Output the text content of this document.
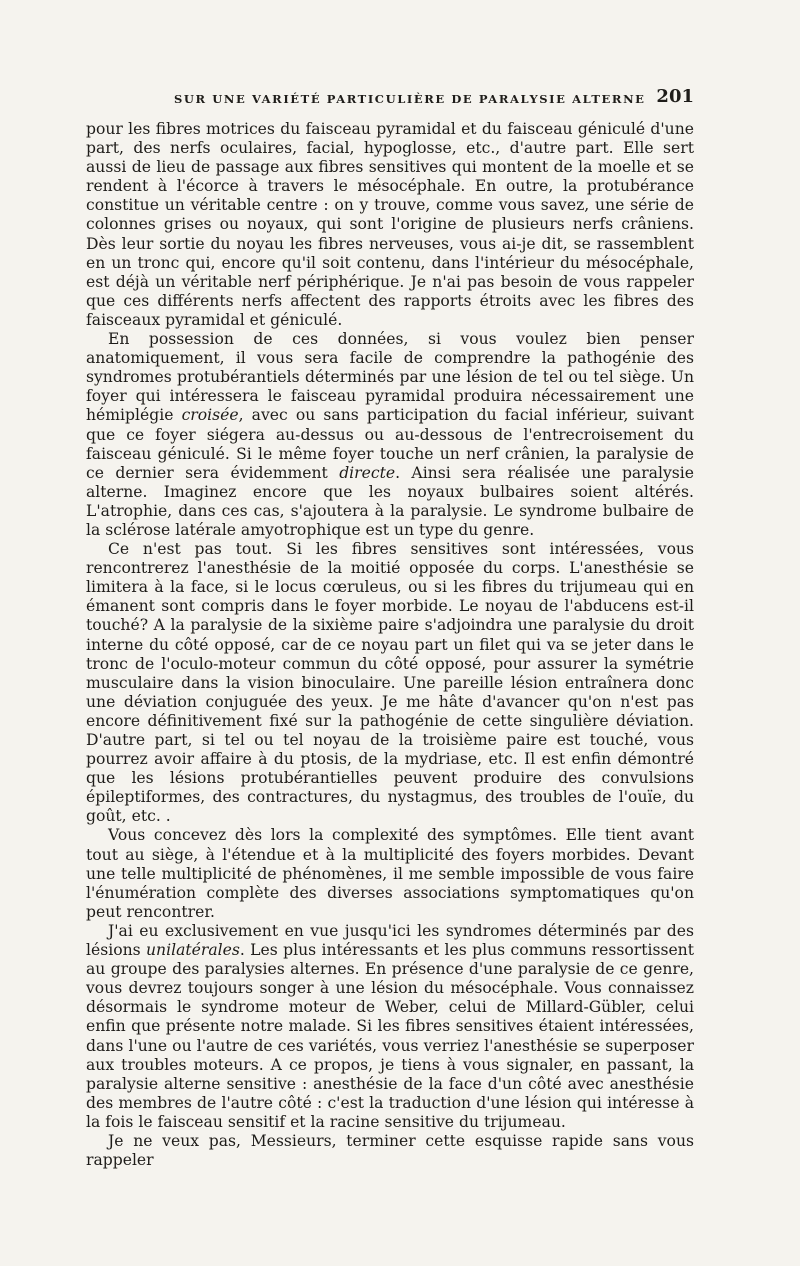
SUR UNE VARIÉTÉ PARTICULIÈRE DE PARALYSIE ALTERNE 201

pour les fibres motrices du faisceau pyramidal et du faisceau géniculé d'une part, des nerfs oculaires, facial, hypoglosse, etc., d'autre part. Elle sert aussi de lieu de passage aux fibres sensitives qui montent de la moelle et se rendent à l'écorce à travers le mésocéphale. En outre, la protubérance constitue un véritable centre : on y trouve, comme vous savez, une série de colonnes grises ou noyaux, qui sont l'origine de plusieurs nerfs crâniens. Dès leur sortie du noyau les fibres nerveuses, vous ai-je dit, se rassemblent en un tronc qui, encore qu'il soit contenu, dans l'intérieur du mésocéphale, est déjà un véritable nerf périphérique. Je n'ai pas besoin de vous rappeler que ces différents nerfs affectent des rapports étroits avec les fibres des faisceaux pyramidal et géniculé.

En possession de ces données, si vous voulez bien penser anatomiquement, il vous sera facile de comprendre la pathogénie des syndromes protubérantiels déterminés par une lésion de tel ou tel siège. Un foyer qui intéressera le faisceau pyramidal produira nécessairement une hémiplégie croisée, avec ou sans participation du facial inférieur, suivant que ce foyer siégera au-dessus ou au-dessous de l'entrecroisement du faisceau géniculé. Si le même foyer touche un nerf crânien, la paralysie de ce dernier sera évidemment directe. Ainsi sera réalisée une paralysie alterne. Imaginez encore que les noyaux bulbaires soient altérés. L'atrophie, dans ces cas, s'ajoutera à la paralysie. Le syndrome bulbaire de la sclérose latérale amyotrophique est un type du genre.

Ce n'est pas tout. Si les fibres sensitives sont intéressées, vous rencontrerez l'anesthésie de la moitié opposée du corps. L'anesthésie se limitera à la face, si le locus cœruleus, ou si les fibres du trijumeau qui en émanent sont compris dans le foyer morbide. Le noyau de l'abducens est-il touché? A la paralysie de la sixième paire s'adjoindra une paralysie du droit interne du côté opposé, car de ce noyau part un filet qui va se jeter dans le tronc de l'oculo-moteur commun du côté opposé, pour assurer la symétrie musculaire dans la vision binoculaire. Une pareille lésion entraînera donc une déviation conjuguée des yeux. Je me hâte d'avancer qu'on n'est pas encore définitivement fixé sur la pathogénie de cette singulière déviation. D'autre part, si tel ou tel noyau de la troisième paire est touché, vous pourrez avoir affaire à du ptosis, de la mydriase, etc. Il est enfin démontré que les lésions protubérantielles peuvent produire des convulsions épileptiformes, des contractures, du nystagmus, des troubles de l'ouïe, du goût, etc. .

Vous concevez dès lors la complexité des symptômes. Elle tient avant tout au siège, à l'étendue et à la multiplicité des foyers morbides. Devant une telle multiplicité de phénomènes, il me semble impossible de vous faire l'énumération complète des diverses associations symptomatiques qu'on peut rencontrer.

J'ai eu exclusivement en vue jusqu'ici les syndromes déterminés par des lésions unilatérales. Les plus intéressants et les plus communs ressortissent au groupe des paralysies alternes. En présence d'une paralysie de ce genre, vous devrez toujours songer à une lésion du mésocéphale. Vous connaissez désormais le syndrome moteur de Weber, celui de Millard-Gübler, celui enfin que présente notre malade. Si les fibres sensitives étaient intéressées, dans l'une ou l'autre de ces variétés, vous verriez l'anesthésie se superposer aux troubles moteurs. A ce propos, je tiens à vous signaler, en passant, la paralysie alterne sensitive : anesthésie de la face d'un côté avec anesthésie des membres de l'autre côté : c'est la traduction d'une lésion qui intéresse à la fois le faisceau sensitif et la racine sensitive du trijumeau.

Je ne veux pas, Messieurs, terminer cette esquisse rapide sans vous rappeler
